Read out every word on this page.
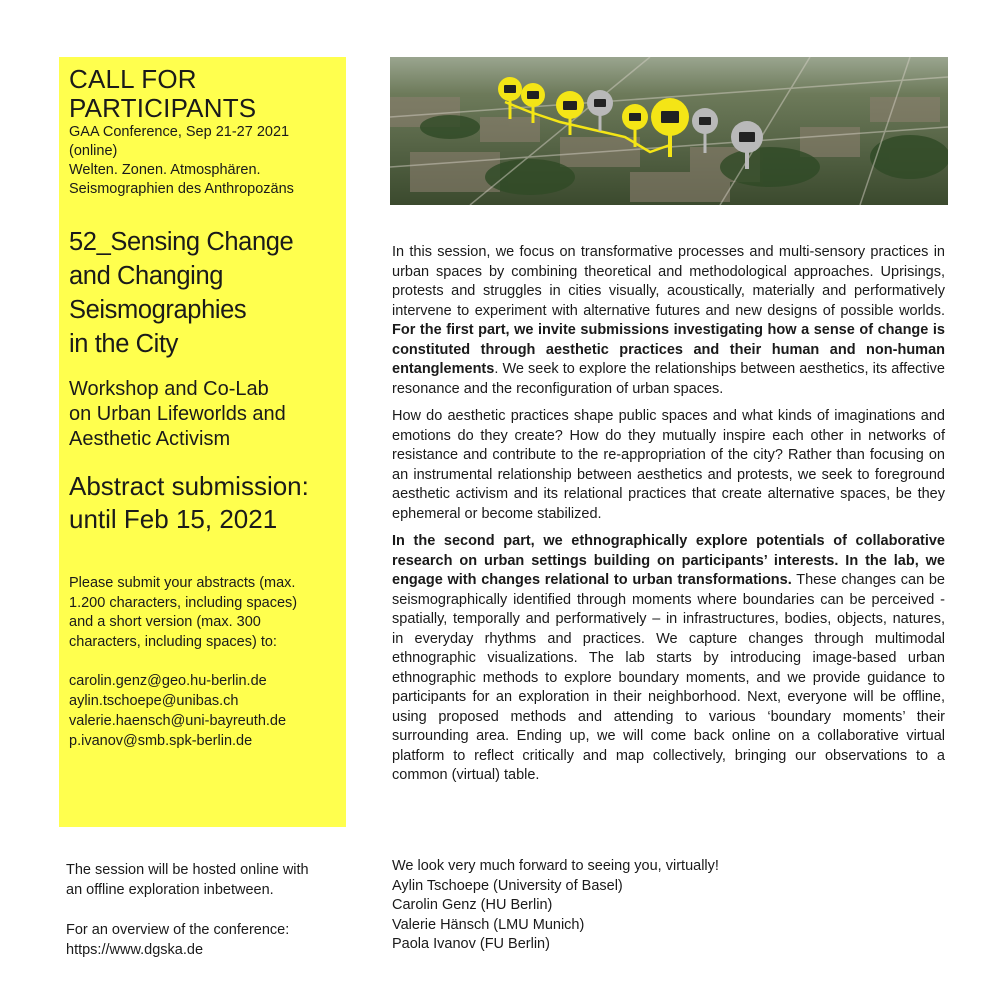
CALL FOR
PARTICIPANTS
GAA Conference, Sep 21-27 2021
(online)
Welten. Zonen. Atmosphären.
Seismographien des Anthropozäns
52_Sensing Change
and Changing
Seismographies
in the City
Workshop and Co-Lab
on Urban Lifeworlds and
Aesthetic Activism
Abstract submission:
until Feb 15, 2021
Please submit your abstracts (max.
1.200 characters, including spaces)
and a short version (max. 300
characters, including spaces) to:
carolin.genz@geo.hu-berlin.de
aylin.tschoepe@unibas.ch
valerie.haensch@uni-bayreuth.de
p.ivanov@smb.spk-berlin.de
The session will be hosted online with
an offline exploration inbetween.
For an overview of the conference:
https://www.dgska.de

In this session, we focus on transformative processes and multi-sensory practices in urban spaces by combining theoretical and methodological approaches. Uprisings, protests and struggles in cities visually, acoustically, materially and performatively intervene to experiment with alternative futures and new designs of possible worlds. For the first part, we invite submissions investigating how a sense of change is constituted through aesthetic practices and their human and non-human entanglements. We seek to explore the relationships between aesthetics, its affective resonance and the reconfiguration of urban spaces.

How do aesthetic practices shape public spaces and what kinds of imaginations and emotions do they create? How do they mutually inspire each other in networks of resistance and contribute to the re-appropriation of the city? Rather than focusing on an instrumental relationship between aesthetics and protests, we seek to foreground aesthetic activism and its relational practices that create alternative spaces, be they ephemeral or become stabilized.

In the second part, we ethnographically explore potentials of collaborative research on urban settings building on participants’ interests. In the lab, we engage with changes relational to urban transformations. These changes can be seismographically identified through moments where boundaries can be perceived - spatially, temporally and performatively – in infrastructures, bodies, objects, natures, in everyday rhythms and practices. We capture changes through multimodal ethnographic visualizations. The lab starts by introducing image-based urban ethnographic methods to explore boundary moments, and we provide guidance to participants for an exploration in their neighborhood. Next, everyone will be offline, using proposed methods and attending to various ‘boundary moments’ their surrounding area. Ending up, we will come back online on a collaborative virtual platform to reflect critically and map collectively, bringing our observations to a common (virtual) table.

We look very much forward to seeing you, virtually!
Aylin Tschoepe (University of Basel)
Carolin Genz (HU Berlin)
Valerie Hänsch (LMU Munich)
Paola Ivanov (FU Berlin)
